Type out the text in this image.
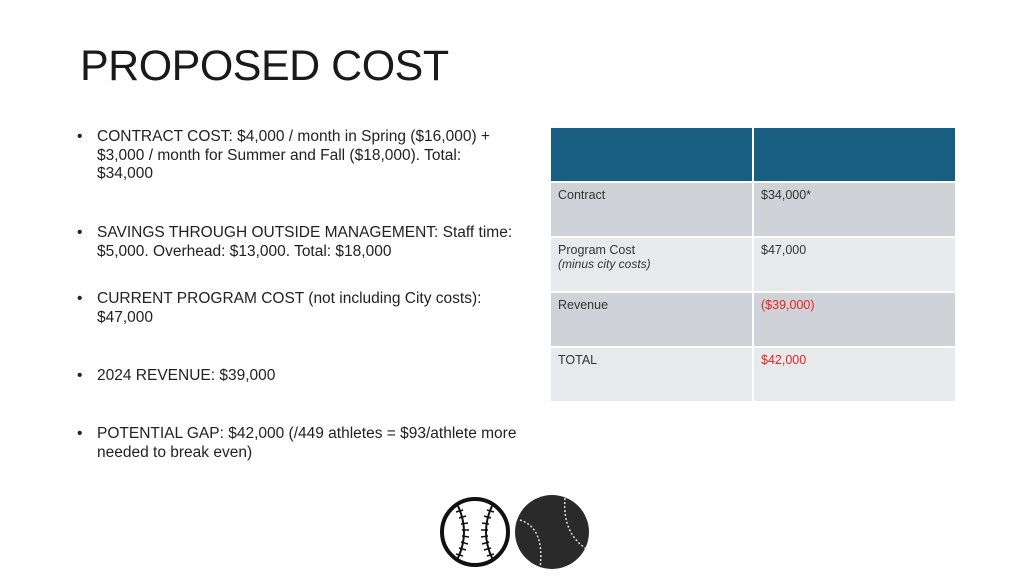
PROPOSED COST
• CONTRACT COST: $4,000 / month in Spring ($16,000) + $3,000 / month for Summer and Fall ($18,000). Total: $34,000
• SAVINGS THROUGH OUTSIDE MANAGEMENT: Staff time: $5,000. Overhead: $13,000. Total: $18,000
• CURRENT PROGRAM COST (not including City costs): $47,000
• 2024 REVENUE: $39,000
• POTENTIAL GAP: $42,000 (/449 athletes = $93/athlete more needed to break even)

Contract	$34,000*

Program Cost
(minus city costs)	$47,000
Revenue	($39,000)
TOTAL	$42,000
